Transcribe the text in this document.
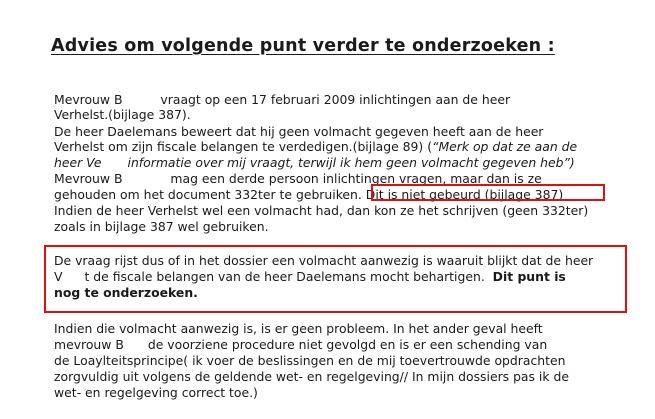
Advies om volgende punt verder te onderzoeken :
Mevrouw B	vraagt op een 17 februari 2009 inlichtingen aan de heer
Verhelst.(bijlage 387).
De heer Daelemans beweert dat hij geen volmacht gegeven heeft aan de heer
Verhelst om zijn fiscale belangen te verdedigen.(bijlage 89) (“Merk op dat ze aan de
heer Ve informatie over mij vraagt, terwijl ik hem geen volmacht gegeven heb”)
Mevrouw B	mag een derde persoon inlichtingen vragen, maar dan is ze
gehouden om het document 332ter te gebruiken. Dit is niet gebeurd (bijlage 387)
Indien de heer Verhelst wel een volmacht had, dan kon ze het schrijven (geen 332ter)
zoals in bijlage 387 wel gebruiken.
De vraag rijst dus of in het dossier een volmacht aanwezig is waaruit blijkt dat de heer
V t de fiscale belangen van de heer Daelemans mocht behartigen. Dit punt is
nog te onderzoeken.
Indien die volmacht aanwezig is, is er geen probleem. In het ander geval heeft
mevrouw B de voorziene procedure niet gevolgd en is er een schending van
de Loaylteitsprincipe( ik voer de beslissingen en de mij toevertrouwde opdrachten
zorgvuldig uit volgens de geldende wet- en regelgeving// In mijn dossiers pas ik de
wet- en regelgeving correct toe.)
